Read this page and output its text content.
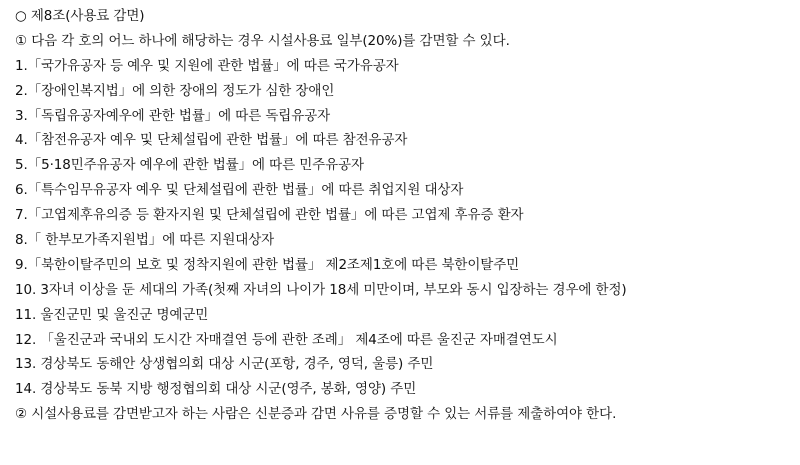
○ 제8조(사용료 감면)
① 다음 각 호의 어느 하나에 해당하는 경우 시설사용료 일부(20%)를 감면할 수 있다.
1.「국가유공자 등 예우 및 지원에 관한 법률」에 따른 국가유공자
2.「장애인복지법」에 의한 장애의 정도가 심한 장애인
3.「독립유공자예우에 관한 법률」에 따른 독립유공자
4.「참전유공자 예우 및 단체설립에 관한 법률」에 따른 참전유공자
5.「5·18민주유공자 예우에 관한 법률」에 따른 민주유공자
6.「특수임무유공자 예우 및 단체설립에 관한 법률」에 따른 취업지원 대상자
7.「고엽제후유의증 등 환자지원 및 단체설립에 관한 법률」에 따른 고엽제 후유증 환자
8.「 한부모가족지원법」에 따른 지원대상자
9.「북한이탈주민의 보호 및 정착지원에 관한 법률」 제2조제1호에 따른 북한이탈주민
10. 3자녀 이상을 둔 세대의 가족(첫째 자녀의 나이가 18세 미만이며, 부모와 동시 입장하는 경우에 한정)
11. 울진군민 및 울진군 명예군민
12. 「울진군과 국내외 도시간 자매결연 등에 관한 조례」 제4조에 따른 울진군 자매결연도시
13. 경상북도 동해안 상생협의회 대상 시군(포항, 경주, 영덕, 울릉) 주민
14. 경상북도 동북 지방 행정협의회 대상 시군(영주, 봉화, 영양) 주민
② 시설사용료를 감면받고자 하는 사람은 신분증과 감면 사유를 증명할 수 있는 서류를 제출하여야 한다.
